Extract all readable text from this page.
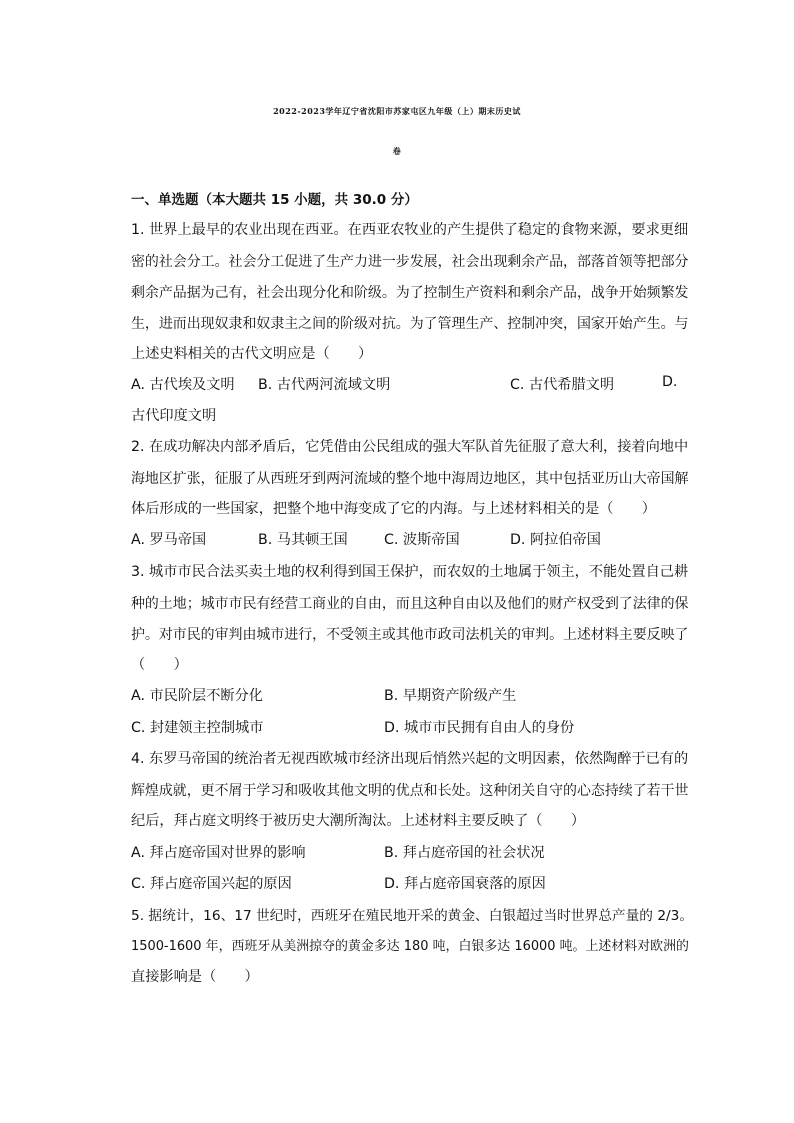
2022-2023学年辽宁省沈阳市苏家屯区九年级（上）期末历史试
卷
一、单选题（本大题共 15 小题，共 30.0 分）
1. 世界上最早的农业出现在西亚。在西亚农牧业的产生提供了稳定的食物来源，要求更细
密的社会分工。社会分工促进了生产力进一步发展，社会出现剩余产品，部落首领等把部分
剩余产品据为己有，社会出现分化和阶级。为了控制生产资料和剩余产品，战争开始频繁发
生，进而出现奴隶和奴隶主之间的阶级对抗。为了管理生产、控制冲突，国家开始产生。与
上述史料相关的古代文明应是（　　）
A. 古代埃及文明 B. 古代两河流域文明	C. 古代希腊文明	D.
古代印度文明
2. 在成功解决内部矛盾后，它凭借由公民组成的强大军队首先征服了意大利，接着向地中
海地区扩张，征服了从西班牙到两河流域的整个地中海周边地区，其中包括亚历山大帝国解
体后形成的一些国家，把整个地中海变成了它的内海。与上述材料相关的是（　　）
A. 罗马帝国	B. 马其顿王国	C. 波斯帝国	D. 阿拉伯帝国
3. 城市市民合法买卖土地的权利得到国王保护，而农奴的土地属于领主，不能处置自己耕
种的土地；城市市民有经营工商业的自由，而且这种自由以及他们的财产权受到了法律的保
护。对市民的审判由城市进行，不受领主或其他市政司法机关的审判。上述材料主要反映了
（　　）
A. 市民阶层不断分化	B. 早期资产阶级产生
C. 封建领主控制城市	D. 城市市民拥有自由人的身份
4. 东罗马帝国的统治者无视西欧城市经济出现后悄然兴起的文明因素，依然陶醉于已有的
辉煌成就，更不屑于学习和吸收其他文明的优点和长处。这种闭关自守的心态持续了若干世
纪后，拜占庭文明终于被历史大潮所淘汰。上述材料主要反映了（　　）
A. 拜占庭帝国对世界的影响	B. 拜占庭帝国的社会状况
C. 拜占庭帝国兴起的原因	D. 拜占庭帝国衰落的原因
5. 据统计，16、17 世纪时，西班牙在殖民地开采的黄金、白银超过当时世界总产量的 2/3。
1500-1600 年，西班牙从美洲掠夺的黄金多达 180 吨，白银多达 16000 吨。上述材料对欧洲的
直接影响是（　　）
